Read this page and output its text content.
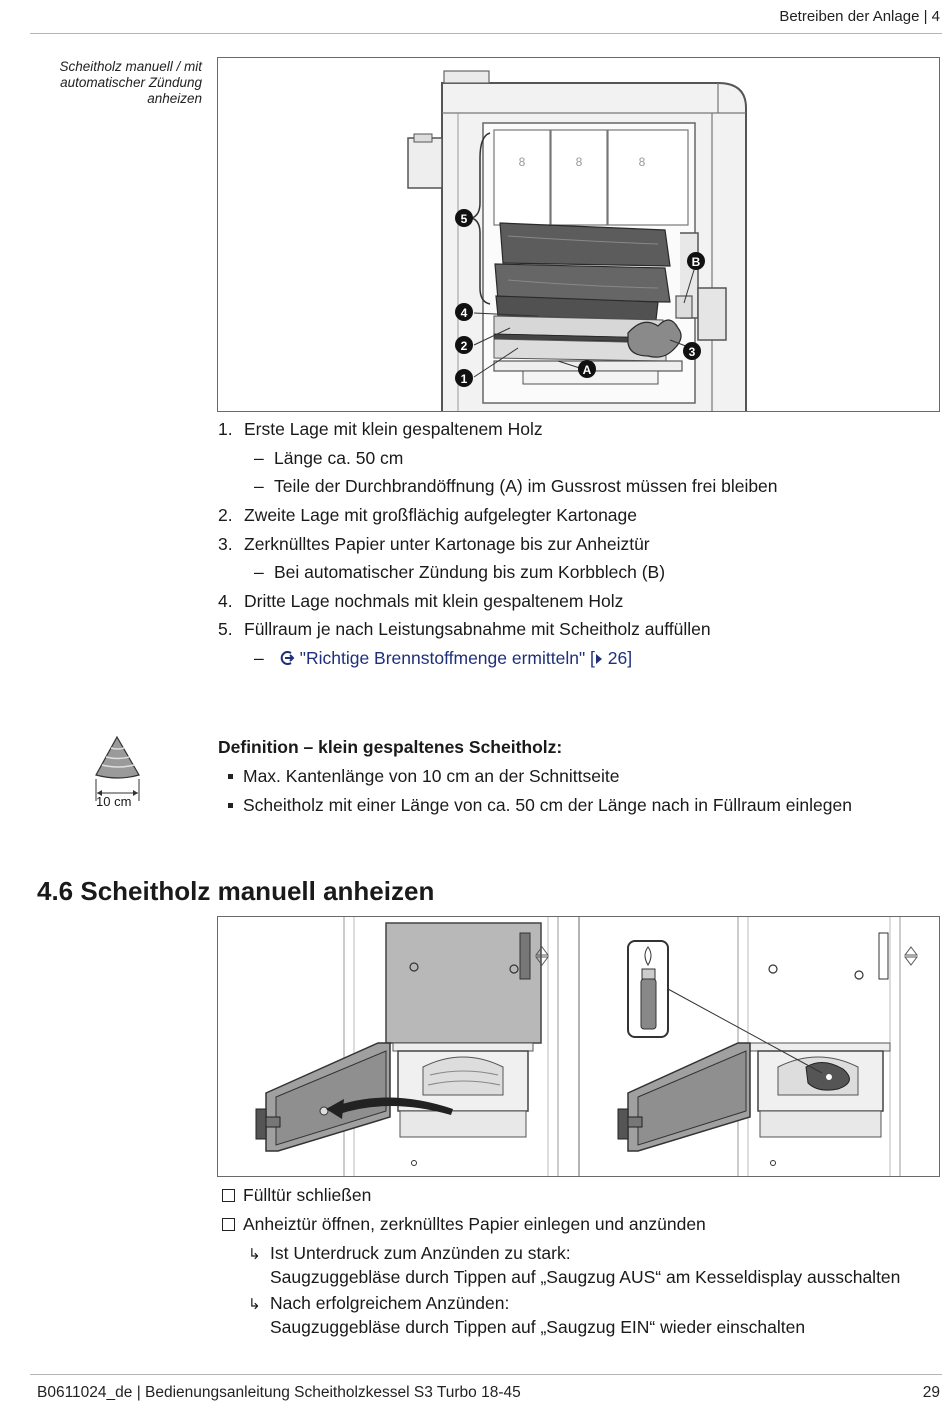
Betreiben der Anlage | 4
Scheitholz manuell / mit
automatischer Zündung
anheizen
8	8	8
5
4
2
1
B
3
A
1. Erste Lage mit klein gespaltenem Holz
– Länge ca. 50 cm
– Teile der Durchbrandöffnung (A) im Gussrost müssen frei bleiben
2. Zweite Lage mit großflächig aufgelegter Kartonage
3. Zerknülltes Papier unter Kartonage bis zur Anheiztür
– Bei automatischer Zündung bis zum Korbblech (B)
4. Dritte Lage nochmals mit klein gespaltenem Holz
5. Füllraum je nach Leistungsabnahme mit Scheitholz auffüllen
– "Richtige Brennstoffmenge ermitteln" [ 26]
10 cm
Definition – klein gespaltenes Scheitholz:
Max. Kantenlänge von 10 cm an der Schnittseite
Scheitholz mit einer Länge von ca. 50 cm der Länge nach in Füllraum einlegen
4.6 Scheitholz manuell anheizen
Fülltür schließen
Anheiztür öffnen, zerknülltes Papier einlegen und anzünden
↳ Ist Unterdruck zum Anzünden zu stark:
Saugzuggebläse durch Tippen auf „Saugzug AUS“ am Kesseldisplay ausschalten
↳ Nach erfolgreichem Anzünden:
Saugzuggebläse durch Tippen auf „Saugzug EIN“ wieder einschalten
B0611024_de | Bedienungsanleitung Scheitholzkessel S3 Turbo 18-45	29
